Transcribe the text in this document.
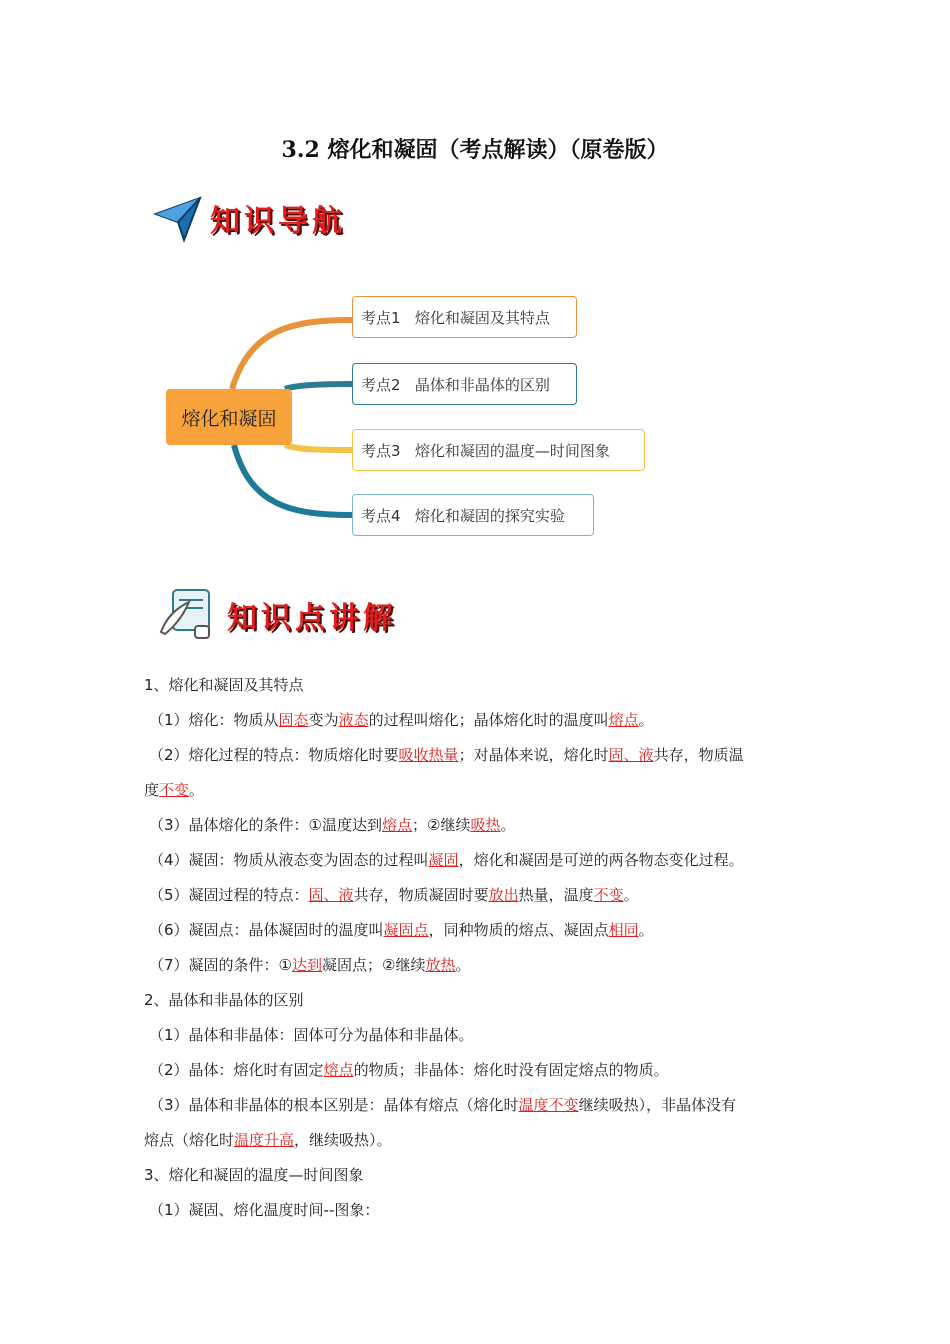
3.2 熔化和凝固（考点解读）（原卷版）
知识导航
熔化和凝固
考点1   熔化和凝固及其特点
考点2   晶体和非晶体的区别
考点3   熔化和凝固的温度—时间图象
考点4   熔化和凝固的探究实验
知识点讲解
1、熔化和凝固及其特点
（1）熔化：物质从固态变为液态的过程叫熔化；晶体熔化时的温度叫熔点。
（2）熔化过程的特点：物质熔化时要吸收热量；对晶体来说，熔化时固、液共存，物质温
度不变。
（3）晶体熔化的条件：①温度达到熔点；②继续吸热。
（4）凝固：物质从液态变为固态的过程叫凝固，熔化和凝固是可逆的两各物态变化过程。
（5）凝固过程的特点：固、液共存，物质凝固时要放出热量，温度不变。
（6）凝固点：晶体凝固时的温度叫凝固点，同种物质的熔点、凝固点相同。
（7）凝固的条件：①达到凝固点；②继续放热。
2、晶体和非晶体的区别
（1）晶体和非晶体：固体可分为晶体和非晶体。
（2）晶体：熔化时有固定熔点的物质；非晶体：熔化时没有固定熔点的物质。
（3）晶体和非晶体的根本区别是：晶体有熔点（熔化时温度不变继续吸热），非晶体没有
熔点（熔化时温度升高，继续吸热）。
3、熔化和凝固的温度—时间图象
（1）凝固、熔化温度时间--图象：
